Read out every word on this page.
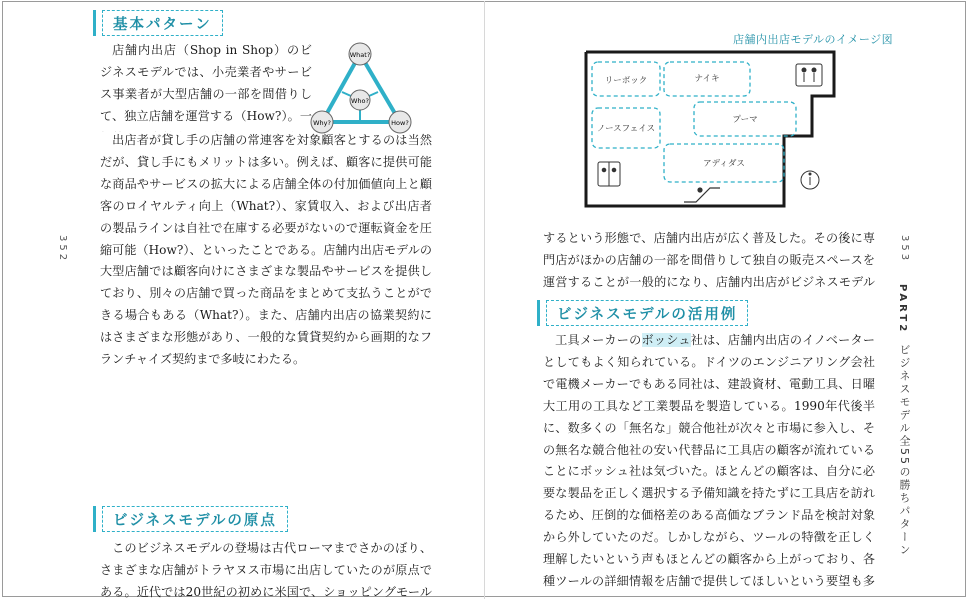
基本パターン
What?
Who?
Why?	How?

店舗内出店（Shop in Shop）のビジネスモデルでは、小売業者やサービス事業者が大型店舗の一部を間借りして、独立店舗を運営する（How?）。一

出店者が貸し手の店舗の常連客を対象顧客とするのは当然だが、貸し手にもメリットは多い。例えば、顧客に提供可能な商品やサービスの拡大による店舗全体の付加価値向上と顧客のロイヤルティ向上（What?）、家賃収入、および出店者の製品ラインは自社で在庫する必要がないので運転資金を圧縮可能（How?）、といったことである。店舗内出店モデルの大型店舗では顧客向けにさまざまな製品やサービスを提供しており、別々の店舗で買った商品をまとめて支払うことができる場合もある（What?）。また、店舗内出店の協業契約にはさまざまな形態があり、一般的な賃貸契約から画期的なフランチャイズ契約まで多岐にわたる。

352
ビジネスモデルの原点

このビジネスモデルの登場は古代ローマまでさかのぼり、さまざまな店舗がトラヤヌス市場に出店していたのが原点である。近代では20世紀の初めに米国で、ショッピングモール

店舗内出店モデルのイメージ図
リーボック	ナイキ
ノースフェイス
プーマ
アディダス

するという形態で、店舗内出店が広く普及した。その後に専門店がほかの店舗の一部を間借りして独自の販売スペースを運営することが一般的になり、店舗内出店がビジネスモデル

ビジネスモデルの活用例

工具メーカーのボッシュ社は、店舗内出店のイノベーターとしてもよく知られている。ドイツのエンジニアリング会社で電機メーカーでもある同社は、建設資材、電動工具、日曜大工用の工具など工業製品を製造している。1990年代後半に、数多くの「無名な」競合他社が次々と市場に参入し、その無名な競合他社の安い代替品に工具店の顧客が流れていることにボッシュ社は気づいた。ほとんどの顧客は、自分に必要な製品を正しく選択する予備知識を持たずに工具店を訪れるため、圧倒的な価格差のある高価なブランド品を検討対象から外していたのだ。しかしながら、ツールの特徴を正しく理解したいという声もほとんどの顧客から上がっており、各種ツールの詳細情報を店舗で提供してほしいという要望も多

353
PART2
ビジネスモデル全55の勝ちパターン
